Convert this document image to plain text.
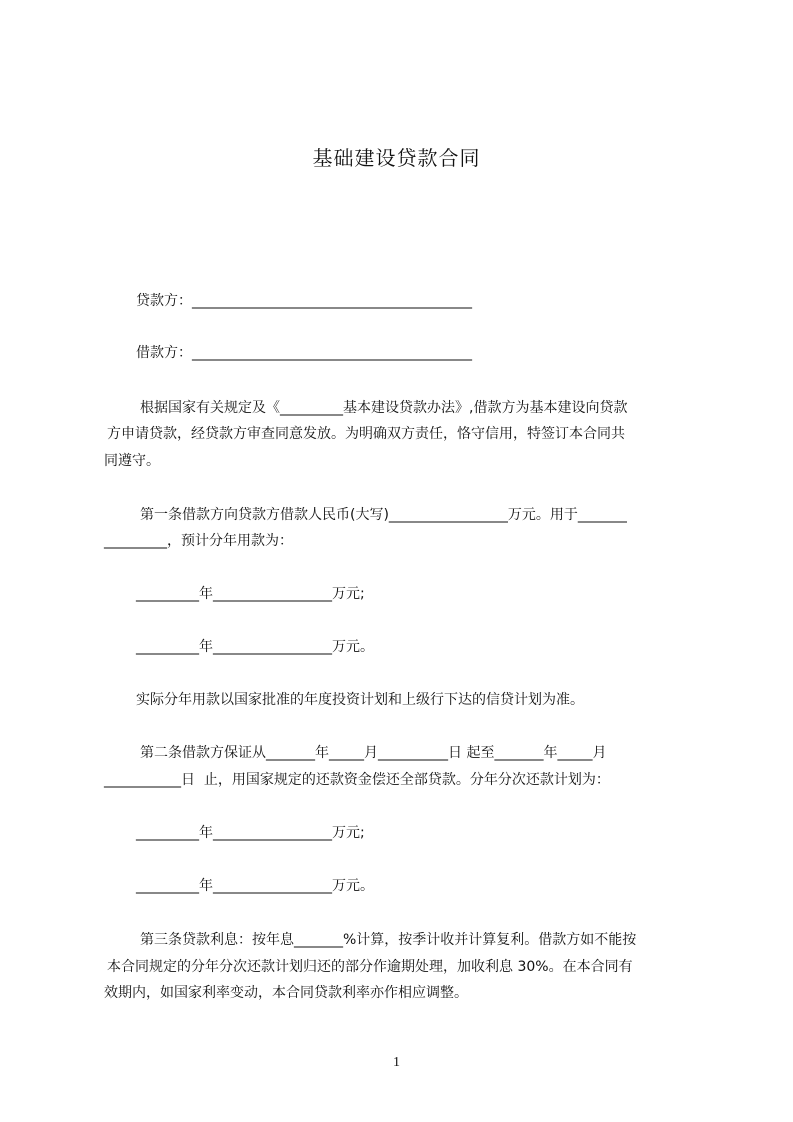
基础建设贷款合同
贷款方：________________________________________
借款方：________________________________________
根据国家有关规定及《_________基本建设贷款办法》,借款方为基本建设向贷款
方申请贷款，经贷款方审查同意发放。为明确双方责任，恪守信用，特签订本合同共
同遵守。
第一条借款方向贷款方借款人民币(大写)_________________万元。用于_______
_________，预计分年用款为：
_________年_________________万元;
_________年_________________万元。
实际分年用款以国家批准的年度投资计划和上级行下达的信贷计划为准。
第二条借款方保证从_______年_____月__________日 起至_______年_____月
___________日  止，用国家规定的还款资金偿还全部贷款。分年分次还款计划为：
_________年_________________万元;
_________年_________________万元。
第三条贷款利息：按年息_______%计算，按季计收并计算复利。借款方如不能按
本合同规定的分年分次还款计划归还的部分作逾期处理，加收利息 30%。在本合同有
效期内，如国家利率变动，本合同贷款利率亦作相应调整。
1
